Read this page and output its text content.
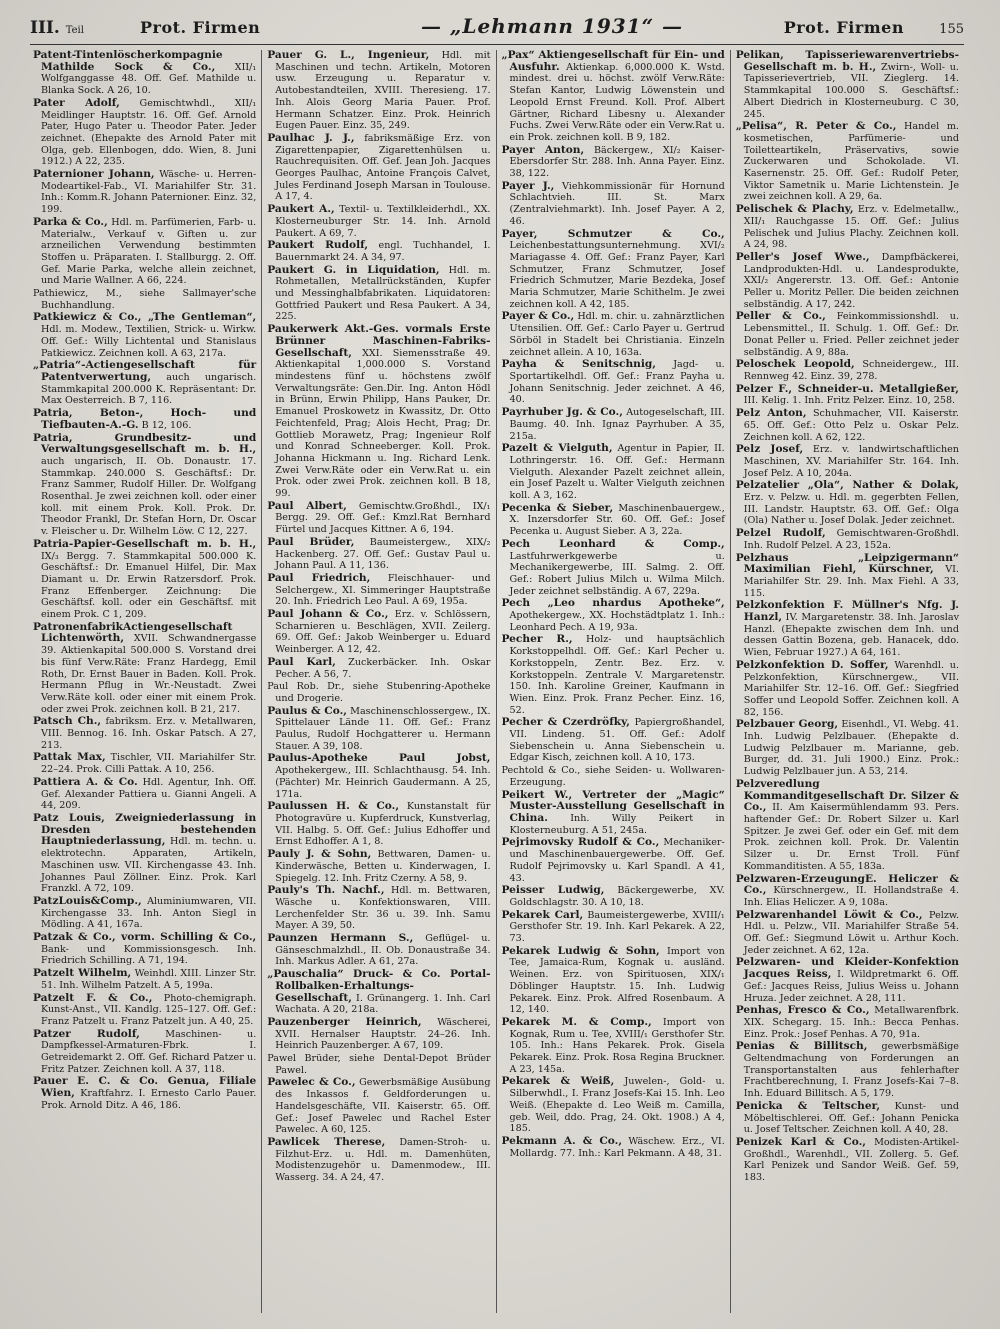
III. Teil	Prot. Firmen	— „Lehmann 1931“ —	Prot. Firmen	155

Patent-Tintenlöscherkompagnie Mathilde Sock & Co., XII/₁ Wolfganggasse 48. Off. Gef. Mathilde u. Blanka Sock. A 26, 10.

Pater Adolf, Gemischtwhdl., XII/₁ Meidlinger Hauptstr. 16. Off. Gef. Arnold Pater, Hugo Pater u. Theodor Pater. Jeder zeichnet. (Ehepakte des Arnold Pater mit Olga, geb. Ellenbogen, ddo. Wien, 8. Juni 1912.) A 22, 235.

Paternioner Johann, Wäsche- u. Herren-Modeartikel-Fab., VI. Mariahilfer Str. 31. Inh.: Komm.R. Johann Paternioner. Einz. 32, 199.

Parka & Co., Hdl. m. Parfümerien, Farb- u. Materialw., Verkauf v. Giften u. zur arzneilichen Verwendung bestimmten Stoffen u. Präparaten. I. Stallburgg. 2. Off. Gef. Marie Parka, welche allein zeichnet, und Marie Wallner. A 66, 224.

Pathiewicz, M., siehe Sallmayer'sche Buchhandlung.

Patkiewicz & Co., „The Gentleman“, Hdl. m. Modew., Textilien, Strick- u. Wirkw. Off. Gef.: Willy Lichtental und Stanislaus Patkiewicz. Zeichnen koll. A 63, 217a.

„Patria“-Actiengesellschaft für Patentverwertung, auch ungarisch. Stammkapital 200.000 K. Repräsentant: Dr. Max Oesterreich. B 7, 116.

Patria, Beton-, Hoch- und Tiefbauten-A.-G. B 12, 106.

Patria, Grundbesitz- und Verwaltungsgesellschaft m. b. H., auch ungarisch, II. Ob. Donaustr. 17. Stammkap. 240.000 S. Geschäftsf.: Dr. Franz Sammer, Rudolf Hiller. Dr. Wolfgang Rosenthal. Je zwei zeichnen koll. oder einer koll. mit einem Prok. Koll. Prok. Dr. Theodor Frankl, Dr. Stefan Horn, Dr. Oscar v. Fleischer u. Dr. Wilhelm Löw. C 12, 227.

Patria-Papier-Gesellschaft m. b. H., IX/₃ Bergg. 7. Stammkapital 500.000 K. Geschäftsf.: Dr. Emanuel Hilfel, Dir. Max Diamant u. Dr. Erwin Ratzersdorf. Prok. Franz Effenberger. Zeichnung: Die Geschäftsf. koll. oder ein Geschäftsf. mit einem Prok. C 1, 209.

PatronenfabrikActiengesellschaft Lichtenwörth, XVII. Schwandnergasse 39. Aktienkapital 500.000 S. Vorstand drei bis fünf Verw.Räte: Franz Hardegg, Emil Roth, Dr. Ernst Bauer in Baden. Koll. Prok. Hermann Pflug in Wr.-Neustadt. Zwei Verw.Räte koll. oder einer mit einem Prok. oder zwei Prok. zeichnen koll. B 21, 217.

Patsch Ch., fabriksm. Erz. v. Metallwaren, VIII. Bennog. 16. Inh. Oskar Patsch. A 27, 213.

Pattak Max, Tischler, VII. Mariahilfer Str. 22–24. Prok. Cilli Pattak. A 10, 256.

Pattiera A. & Co. Hdl. Agentur, Inh. Off. Gef. Alexander Pattiera u. Gianni Angeli. A 44, 209.

Patz Louis, Zweigniederlassung in Dresden bestehenden Hauptniederlassung, Hdl. m. techn. u. elektrotechn. Apparaten, Artikeln, Maschinen usw. VII. Kirchengasse 43. Inh. Johannes Paul Zöllner. Einz. Prok. Karl Franzkl. A 72, 109.

PatzLouis&Comp., Aluminiumwaren, VII. Kirchengasse 33. Inh. Anton Siegl in Mödling. A 41, 167a.

Patzak & Co., vorm. Schilling & Co., Bank- und Kommissionsgesch. Inh. Friedrich Schilling. A 71, 194.

Patzelt Wilhelm, Weinhdl. XIII. Linzer Str. 51. Inh. Wilhelm Patzelt. A 5, 199a.

Patzelt F. & Co., Photo-chemigraph. Kunst-Anst., VII. Kandlg. 125–127. Off. Gef.: Franz Patzelt u. Franz Patzelt jun. A 40, 25.

Patzer Rudolf,	Maschinen- u. Dampfkessel-Armaturen-Fbrk. I. Getreidemarkt 2. Off. Gef. Richard Patzer u. Fritz Patzer. Zeichnen koll. A 37, 118.

Pauer E. C. & Co. Genua, Filiale Wien, Kraftfahrz. I. Ernesto Carlo Pauer. Prok. Arnold Ditz. A 46, 186.

Pauer G. L., Ingenieur, Hdl. mit Maschinen und techn. Artikeln, Motoren usw. Erzeugung u. Reparatur v. Autobestandteilen, XVIII. Theresieng. 17. Inh. Alois Georg Maria Pauer. Prof. Hermann Schatzer. Einz. Prok. Heinrich Eugen Pauer. Einz. 35, 249.

Paulhac J. J., fabriksmäßige Erz. von Zigarettenpapier, Zigarettenhülsen u. Rauchrequisiten. Off. Gef. Jean Joh. Jacques Georges Paulhac, Antoine François Calvet, Jules Ferdinand Joseph Marsan in Toulouse. A 17, 4.

Paukert A., Textil- u. Textilkleiderhdl., XX. Klosterneuburger Str. 14. Inh. Arnold Paukert. A 69, 7.

Paukert Rudolf, engl. Tuchhandel, I. Bauernmarkt 24. A 34, 97.

Paukert G. in Liquidation, Hdl. m. Rohmetallen, Metallrückständen, Kupfer und Messinghalbfabrikaten. Liquidatoren: Gottfried Paukert und Resa Paukert. A 34, 225.

Paukerwerk Akt.-Ges. vormals Erste Brünner Maschinen-Fabriks-Gesellschaft, XXI. Siemensstraße 49. Aktienkapital 1,000.000 S. Vorstand mindestens fünf u. höchstens zwölf Verwaltungsräte: Gen.Dir. Ing. Anton Hödl in Brünn, Erwin Philipp, Hans Pauker, Dr. Emanuel Proskowetz in Kwassitz, Dr. Otto Feichtenfeld, Prag; Alois Hecht, Prag; Dr. Gottlieb Morawetz, Prag; Ingenieur Rolf und Konrad Schneeberger. Koll. Prok. Johanna Hickmann u. Ing. Richard Lenk. Zwei Verw.Räte oder ein Verw.Rat u. ein Prok. oder zwei Prok. zeichnen koll. B 18, 99.

Paul Albert, Gemischtw.Großhdl., IX/₁ Bergg. 29. Off. Gef.: Kmzl.Rat Bernhard Fürtel und Jacques Kittner. A 6, 194.

Paul Brüder, Baumeistergew., XIX/₂ Hackenberg. 27. Off. Gef.: Gustav Paul u. Johann Paul. A 11, 136.

Paul Friedrich, Fleischhauer- und Selchergew., XI. Simmeringer Hauptstraße 20. Inh. Friedrich Leo Paul. A 69, 195a.

Paul Johann & Co., Erz. v. Schlössern, Scharnieren u. Beschlägen, XVII. Zeilerg. 69. Off. Gef.: Jakob Weinberger u. Eduard Weinberger. A 12, 42.

Paul Karl, Zuckerbäcker. Inh. Oskar Pecher. A 56, 7.

Paul Rob. Dr., siehe Stubenring-Apotheke und Drogerie.

Paulus & Co., Maschinenschlossergew., IX. Spittelauer Lände 11. Off. Gef.: Franz Paulus, Rudolf Hochgatterer u. Hermann Stauer. A 39, 108.

Paulus-Apotheke Paul Jobst, Apothekergew., III. Schlachthausg. 54. Inh. (Pächter) Mr. Heinrich Gaudermann. A 25, 171a.

Paulussen H. & Co., Kunstanstalt für Photogravüre u. Kupferdruck, Kunstverlag, VII. Halbg. 5. Off. Gef.: Julius Edhoffer und Ernst Edhoffer. A 1, 8.

Pauly J. & Sohn, Bettwaren, Damen- u. Kinderwäsche, Betten u. Kinderwagen, I. Spiegelg. 12. Inh. Fritz Czerny. A 58, 9.

Pauly's Th. Nachf., Hdl. m. Bettwaren, Wäsche u. Konfektionswaren, VIII. Lerchenfelder Str. 36 u. 39. Inh. Samu Mayer. A 39, 50.

Paunzen Hermann S., Geflügel- u. Gänseschmalzhdl., II. Ob. Donaustraße 34. Inh. Markus Adler. A 61, 27a.

„Pauschalia“ Druck- & Co. Portal-Rollbalken-Erhaltungs-Gesellschaft, I. Grünangerg. 1. Inh. Carl Wachata. A 20, 218a.

Pauzenberger Heinrich, Wäscherei, XVII. Hernalser Hauptstr. 24–26. Inh. Heinrich Pauzenberger. A 67, 109.

Pawel Brüder, siehe Dental-Depot Brüder Pawel.

Pawelec & Co., Gewerbsmäßige Ausübung des Inkassos f. Geldforderungen u. Handelsgeschäfte, VII. Kaiserstr. 65. Off. Gef.: Josef Pawelec und Rachel Ester Pawelec. A 60, 125.

Pawlicek Therese, Damen-Stroh- u. Filzhut-Erz. u. Hdl. m. Damenhüten, Modistenzugehör u. Damenmodew., III. Wasserg. 34. A 24, 47.

„Pax“ Aktiengesellschaft für Ein- und Ausfuhr. Aktienkap. 6,000.000 K. Wstd. mindest. drei u. höchst. zwölf Verw.Räte: Stefan Kantor, Ludwig Löwenstein und Leopold Ernst Freund. Koll. Prof. Albert Gärtner, Richard Libesny u. Alexander Fuchs. Zwei Verw.Räte oder ein Verw.Rat u. ein Prok. zeichnen koll. B 9, 182.

Payer Anton, Bäckergew., XI/₂ Kaiser-Ebersdorfer Str. 288. Inh. Anna Payer. Einz. 38, 122.

Payer J., Viehkommissionär für Hornund Schlachtvieh. III. St. Marx (Zentralviehmarkt). Inh. Josef Payer. A 2, 46.

Payer, Schmutzer & Co., Leichenbestattungsunternehmung. XVI/₂ Mariagasse 4. Off. Gef.: Franz Payer, Karl Schmutzer, Franz Schmutzer, Josef Friedrich Schmutzer, Marie Bezdeka, Josef Maria Schmutzer, Marie Schithelm. Je zwei zeichnen koll. A 42, 185.

Payer & Co., Hdl. m. chir. u. zahnärztlichen Utensilien. Off. Gef.: Carlo Payer u. Gertrud Sörböl in Stadelt bei Christiania. Einzeln zeichnet allein. A 10, 163a.

Payha & Senitschnig, Jagd- u. Sportartikelhdl. Off. Gef.: Franz Payha u. Johann Senitschnig. Jeder zeichnet. A 46, 40.

Payrhuber Jg. & Co., Autogeselschaft, III. Baumg. 40. Inh. Ignaz Payrhuber. A 35, 215a.

Pazelt & Vielguth, Agentur in Papier, II. Lothringerstr. 16. Off. Gef.: Hermann Vielguth. Alexander Pazelt zeichnet allein, ein Josef Pazelt u. Walter Vielguth zeichnen koll. A 3, 162.

Pecenka & Sieber, Maschinenbauergew., X. Inzersdorfer Str. 60. Off. Gef.: Josef Pecenka u. August Sieber. A 3, 22a.

Pech Leonhard & Comp., Lastfuhrwerkgewerbe u. Mechanikergewerbe, III. Salmg. 2. Off. Gef.: Robert Julius Milch u. Wilma Milch. Jeder zeichnet selbständig. A 67, 229a.

Pech „Leo nhardus Apotheke“, Apothekergew., XX. Hochstädtplatz 1. Inh.: Leonhard Pech. A 19, 93a.

Pecher R., Holz- und hauptsächlich Korkstoppelhdl. Off. Gef.: Karl Pecher u. Korkstoppeln, Zentr. Bez. Erz. v. Korkstoppeln. Zentrale V. Margaretenstr. 150. Inh. Karoline Greiner, Kaufmann in Wien. Einz. Prok. Franz Pecher. Einz. 16, 52.

Pecher & Czerdröfky, Papiergroßhandel, VII. Lindeng. 51. Off. Gef.: Adolf Siebenschein u. Anna Siebenschein u. Edgar Kisch, zeichnen koll. A 10, 173.

Pechtold & Co., siehe Seiden- u. Wollwaren-Erzeugung.

Peikert W., Vertreter der „Magic“ Muster-Ausstellung Gesellschaft in China. Inh. Willy Peikert in Klosterneuburg. A 51, 245a.

Pejrimovsky Rudolf & Co., Mechaniker- und Maschinenbauergewerbe. Off. Gef. Rudolf Pejrimovsky u. Karl Spandl. A 41, 43.

Peisser Ludwig, Bäckergewerbe, XV. Goldschlagstr. 30. A 10, 18.

Pekarek Carl, Baumeistergewerbe, XVIII/₁ Gersthofer Str. 19. Inh. Karl Pekarek. A 22, 73.

Pekarek Ludwig & Sohn, Import von Tee, Jamaica-Rum, Kognak u. ausländ. Weinen. Erz. von Spirituosen, XIX/₁ Döblinger Hauptstr. 15. Inh. Ludwig Pekarek. Einz. Prok. Alfred Rosenbaum. A 12, 140.

Pekarek M. & Comp., Import von Kognak, Rum u. Tee, XVIII/₁ Gersthofer Str. 105. Inh.: Hans Pekarek. Prok. Gisela Pekarek. Einz. Prok. Rosa Regina Bruckner. A 23, 145a.

Pekarek & Weiß, Juwelen-, Gold- u. Silberwhdl., I. Franz Josefs-Kai 15. Inh. Leo Weiß. (Ehepakte d. Leo Weiß m. Camilla, geb. Weil, ddo. Prag, 24. Okt. 1908.) A 4, 185.

Pekmann A. & Co., Wäschew. Erz., VI. Mollardg. 77. Inh.: Karl Pekmann. A 48, 31.

Pelikan, Tapisseriewarenvertriebs-Gesellschaft m. b. H., Zwirn-, Woll- u. Tapisserievertrieb, VII. Zieglerg. 14. Stammkapital 100.000 S. Geschäftsf.: Albert Diedrich in Klosterneuburg. C 30, 245.

„Pelisa“, R. Peter & Co., Handel m. kosmetischen, Parfümerie- und Toiletteartikeln, Präservativs, sowie Zuckerwaren und Schokolade. VI. Kasernenstr. 25. Off. Gef.: Rudolf Peter, Viktor Sametnik u. Marie Lichtenstein. Je zwei zeichnen koll. A 29, 6a.

Pelischek & Plachy, Erz. v. Edelmetallw., XII/₁ Rauchgasse 15. Off. Gef.: Julius Pelischek und Julius Plachy. Zeichnen koll. A 24, 98.

Peller's Josef Wwe., Dampfbäckerei, Landprodukten-Hdl. u. Landesprodukte, XXI/₂ Angererstr. 13. Off. Gef.: Antonie Peller u. Moritz Peller. Die beiden zeichnen selbständig. A 17, 242.

Peller & Co., Feinkommissionshdl. u. Lebensmittel., II. Schulg. 1. Off. Gef.: Dr. Donat Peller u. Fried. Peller zeichnet jeder selbständig. A 9, 88a.

Peloschek Leopold, Schneidergew., III. Rennweg 42. Einz. 39, 278.

Pelzer F., Schneider-u. Metallgießer, III. Kelig. 1. Inh. Fritz Pelzer. Einz. 10, 258.

Pelz Anton, Schuhmacher, VII. Kaiserstr. 65. Off. Gef.: Otto Pelz u. Oskar Pelz. Zeichnen koll. A 62, 122.

Pelz Josef, Erz. v. landwirtschaftlichen Maschinen, XV. Mariahilfer Str. 164. Inh. Josef Pelz. A 10, 204a.

Pelzatelier „Ola“, Nather & Dolak, Erz. v. Pelzw. u. Hdl. m. gegerbten Fellen, III. Landstr. Hauptstr. 63. Off. Gef.: Olga (Ola) Nather u. Josef Dolak. Jeder zeichnet.

Pelzel Rudolf, Gemischtwaren-Großhdl. Inh. Rudolf Pelzel. A 23, 152a.

Pelzhaus „Leipzigermann“ Maximilian Fiehl, Kürschner, VI. Mariahilfer Str. 29. Inh. Max Fiehl. A 33, 115.

Pelzkonfektion F. Müllner's Nfg. J. Hanzl, IV. Margaretenstr. 38. Inh. Jaroslav Hanzl. (Ehepakte zwischen dem Inh. und dessen Gattin Bozena, geb. Hanacek, ddo. Wien, Februar 1927.) A 64, 161.

Pelzkonfektion D. Soffer, Warenhdl. u. Pelzkonfektion, Kürschnergew., VII. Mariahilfer Str. 12–16. Off. Gef.: Siegfried Soffer und Leopold Soffer. Zeichnen koll. A 82, 156.

Pelzbauer Georg, Eisenhdl., VI. Webg. 41. Inh. Ludwig Pelzlbauer. (Ehepakte d. Ludwig Pelzlbauer m. Marianne, geb. Burger, dd. 31. Juli 1900.) Einz. Prok.: Ludwig Pelzlbauer jun. A 53, 214.

Pelzveredlung Kommanditgesellschaft Dr. Silzer & Co., II. Am Kaisermühlendamm 93. Pers. haftender Gef.: Dr. Robert Silzer u. Karl Spitzer. Je zwei Gef. oder ein Gef. mit dem Prok. zeichnen koll. Prok. Dr. Valentin Silzer u. Dr. Ernst Troll. Fünf Kommanditisten. A 55, 183a.

Pelzwaren-ErzeugungE. Heliczer & Co., Kürschnergew., II. Hollandstraße 4. Inh. Elias Heliczer. A 9, 108a.

Pelzwarenhandel Löwit & Co., Pelzw. Hdl. u. Pelzw., VII. Mariahilfer Straße 54. Off. Gef.: Siegmund Löwit u. Arthur Koch. Jeder zeichnet. A 62, 12a.

Pelzwaren- und Kleider-Konfektion Jacques Reiss, I. Wildpretmarkt 6. Off. Gef.: Jacques Reiss, Julius Weiss u. Johann Hruza. Jeder zeichnet. A 28, 111.

Penhas, Fresco & Co., Metallwarenfbrk. XIX. Schegarg. 15. Inh.: Becca Penhas. Einz. Prok.: Josef Penhas. A 70, 91a.

Penias & Billitsch, gewerbsmäßige Geltendmachung von Forderungen an Transportanstalten aus fehlerhafter Frachtberechnung, I. Franz Josefs-Kai 7–8. Inh. Eduard Billitsch. A 5, 179.

Penicka & Teltscher, Kunst- und Möbeltischlerei. Off. Gef.: Johann Penicka u. Josef Teltscher. Zeichnen koll. A 40, 28.

Penizek Karl & Co., Modisten-Artikel-Großhdl., Warenhdl., VII. Zollerg. 5. Gef. Karl Penizek und Sandor Weiß. Gef. 59, 183.
